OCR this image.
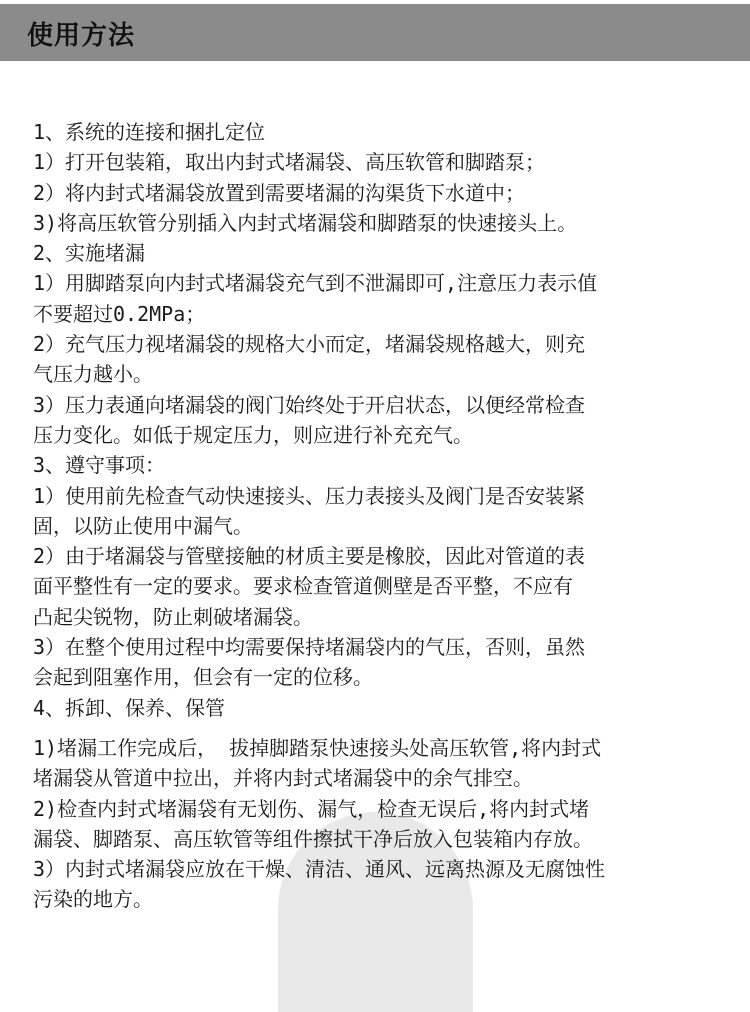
使用方法
1、系统的连接和捆扎定位
1）打开包装箱，取出内封式堵漏袋、高压软管和脚踏泵；
2）将内封式堵漏袋放置到需要堵漏的沟渠货下水道中；
3)将高压软管分别插入内封式堵漏袋和脚踏泵的快速接头上。
2、实施堵漏
1）用脚踏泵向内封式堵漏袋充气到不泄漏即可,注意压力表示值
不要超过0.2MPa；
2）充气压力视堵漏袋的规格大小而定，堵漏袋规格越大，则充
气压力越小。
3）压力表通向堵漏袋的阀门始终处于开启状态，以便经常检查
压力变化。如低于规定压力，则应进行补充充气。
3、遵守事项：
1）使用前先检查气动快速接头、压力表接头及阀门是否安装紧
固，以防止使用中漏气。
2）由于堵漏袋与管壁接触的材质主要是橡胶，因此对管道的表
面平整性有一定的要求。要求检查管道侧壁是否平整，不应有
凸起尖锐物，防止刺破堵漏袋。
3）在整个使用过程中均需要保持堵漏袋内的气压，否则，虽然
会起到阻塞作用，但会有一定的位移。
4、拆卸、保养、保管
1)堵漏工作完成后， 拔掉脚踏泵快速接头处高压软管,将内封式
堵漏袋从管道中拉出，并将内封式堵漏袋中的余气排空。
2)检查内封式堵漏袋有无划伤、漏气，检查无误后,将内封式堵
漏袋、脚踏泵、高压软管等组件擦拭干净后放入包装箱内存放。
3）内封式堵漏袋应放在干燥、清洁、通风、远离热源及无腐蚀性
污染的地方。
